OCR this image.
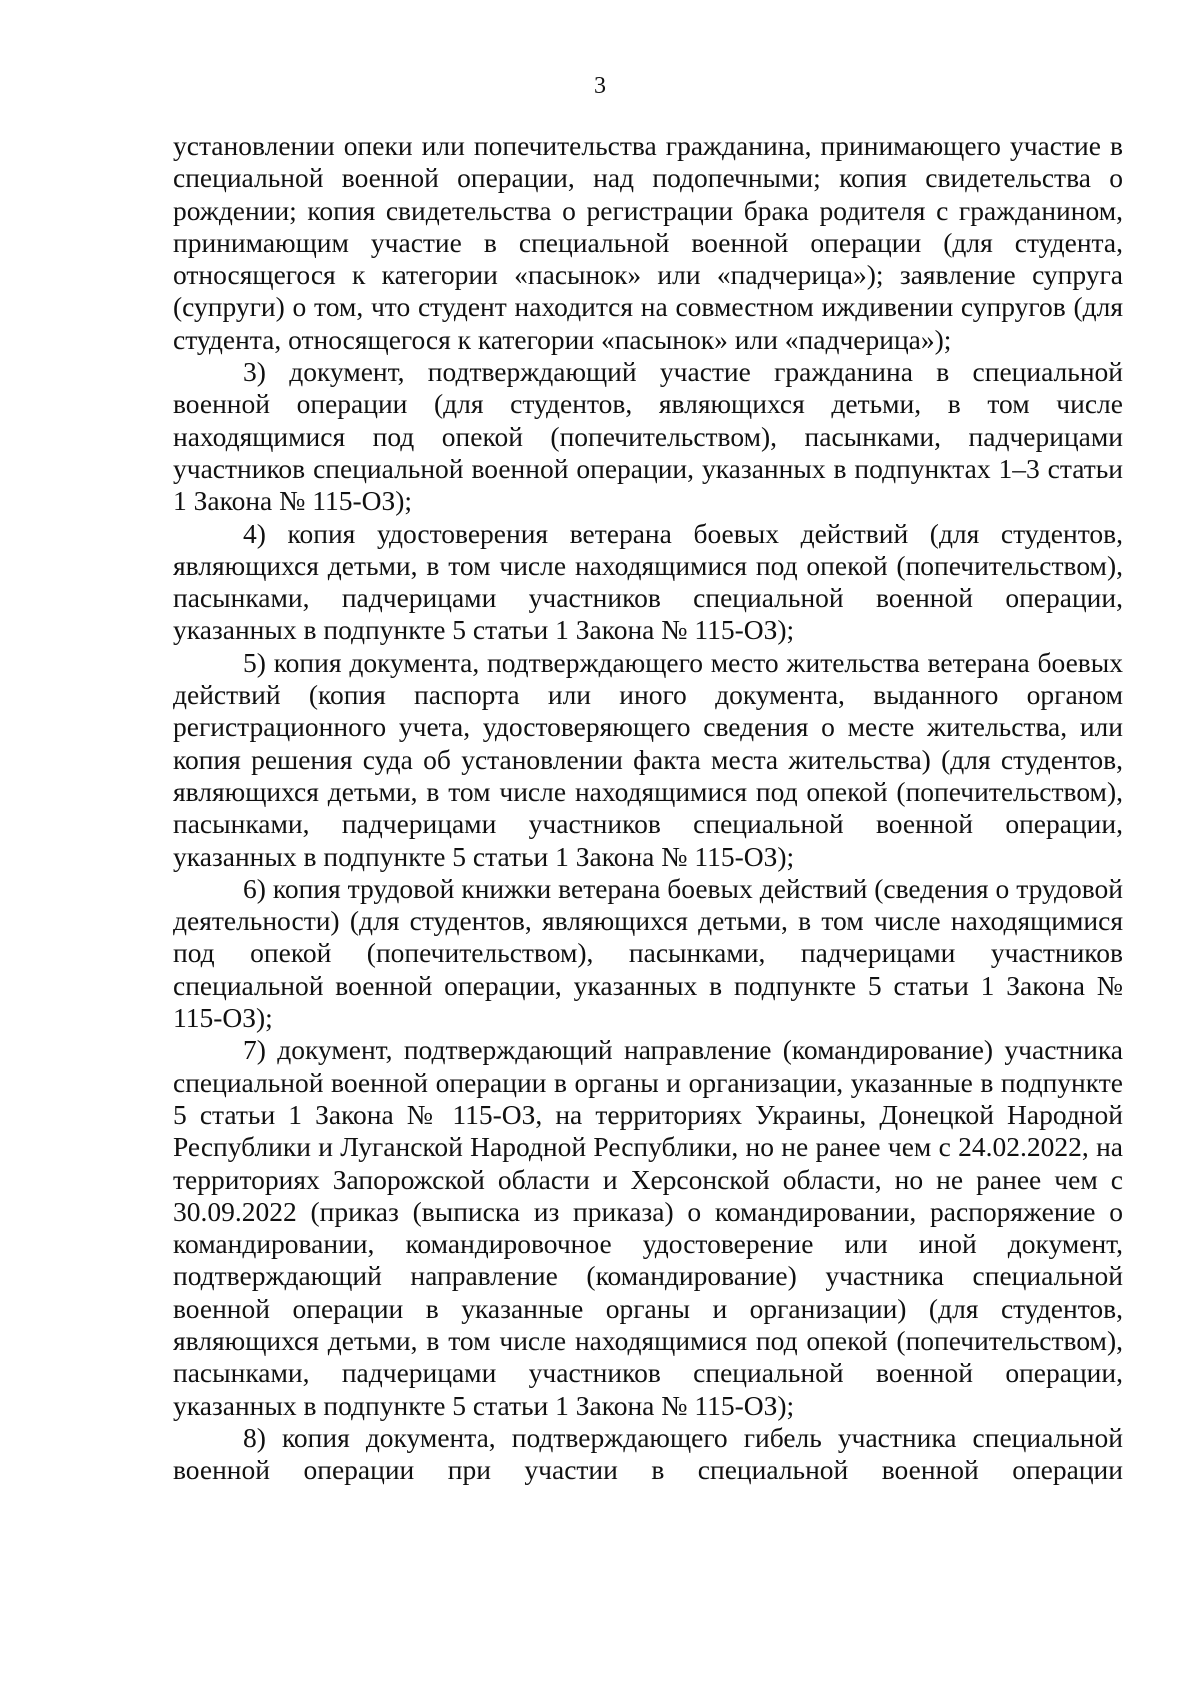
3

установлении опеки или попечительства гражданина, принимающего участие в специальной военной операции, над подопечными; копия свидетельства о рождении; копия свидетельства о регистрации брака родителя с гражданином, принимающим участие в специальной военной операции (для студента, относящегося к категории «пасынок» или «падчерица»); заявление супруга (супруги) о том, что студент находится на совместном иждивении супругов (для студента, относящегося к категории «пасынок» или «падчерица»);

3) документ, подтверждающий участие гражданина в специальной военной операции (для студентов, являющихся детьми, в том числе находящимися под опекой (попечительством), пасынками, падчерицами участников специальной военной операции, указанных в подпунктах 1–3 статьи 1 Закона № 115-ОЗ);

4) копия удостоверения ветерана боевых действий (для студентов, являющихся детьми, в том числе находящимися под опекой (попечительством), пасынками, падчерицами участников специальной военной операции, указанных в подпункте 5 статьи 1 Закона № 115-ОЗ);

5) копия документа, подтверждающего место жительства ветерана боевых действий (копия паспорта или иного документа, выданного органом регистрационного учета, удостоверяющего сведения о месте жительства, или копия решения суда об установлении факта места жительства) (для студентов, являющихся детьми, в том числе находящимися под опекой (попечительством), пасынками, падчерицами участников специальной военной операции, указанных в подпункте 5 статьи 1 Закона № 115-ОЗ);

6) копия трудовой книжки ветерана боевых действий (сведения о трудовой деятельности) (для студентов, являющихся детьми, в том числе находящимися под опекой (попечительством), пасынками, падчерицами участников специальной военной операции, указанных в подпункте 5 статьи 1 Закона № 115-ОЗ);

7) документ, подтверждающий направление (командирование) участника специальной военной операции в органы и организации, указанные в подпункте 5 статьи 1 Закона № 115-ОЗ, на территориях Украины, Донецкой Народной Республики и Луганской Народной Республики, но не ранее чем с 24.02.2022, на территориях Запорожской области и Херсонской области, но не ранее чем с 30.09.2022 (приказ (выписка из приказа) о командировании, распоряжение о командировании, командировочное удостоверение или иной документ, подтверждающий направление (командирование) участника специальной военной операции в указанные органы и организации) (для студентов, являющихся детьми, в том числе находящимися под опекой (попечительством), пасынками, падчерицами участников специальной военной операции, указанных в подпункте 5 статьи 1 Закона № 115-ОЗ);

8) копия документа, подтверждающего гибель участника специальной военной операции при участии в специальной военной операции
